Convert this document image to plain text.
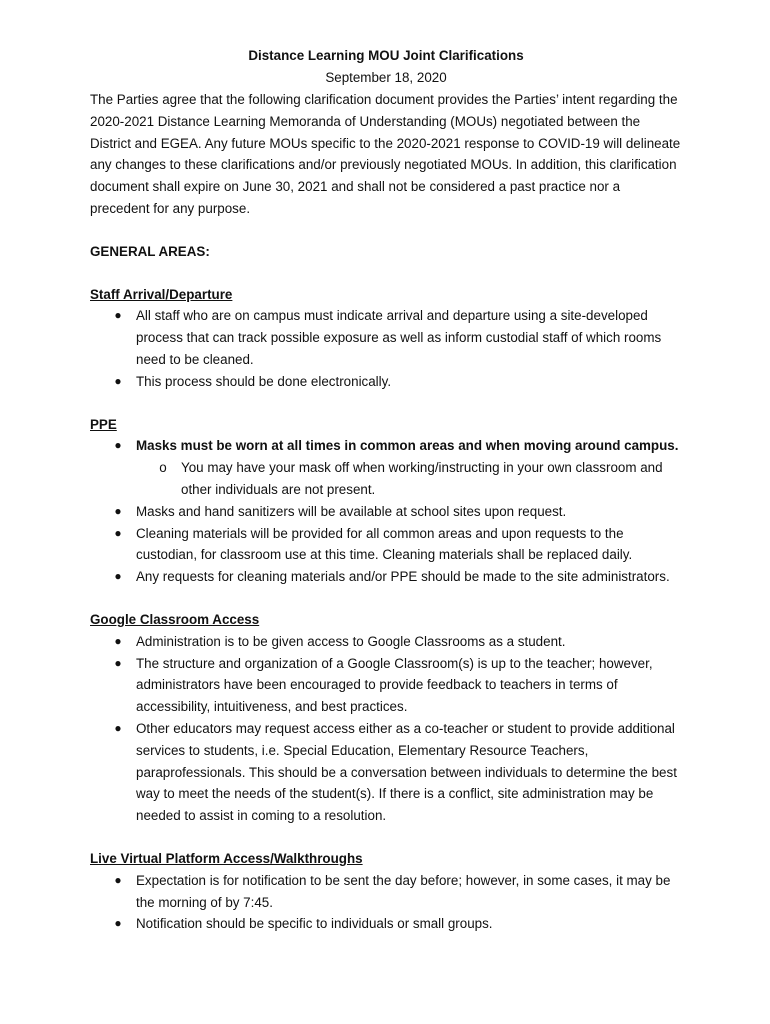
Distance Learning MOU Joint Clarifications

September 18, 2020

The Parties agree that the following clarification document provides the Parties’ intent regarding the 2020-2021 Distance Learning Memoranda of Understanding (MOUs) negotiated between the District and EGEA. Any future MOUs specific to the 2020-2021 response to COVID-19 will delineate any changes to these clarifications and/or previously negotiated MOUs. In addition, this clarification document shall expire on June 30, 2021 and shall not be considered a past practice nor a precedent for any purpose.

GENERAL AREAS:

Staff Arrival/Departure

● All staff who are on campus must indicate arrival and departure using a site-developed process that can track possible exposure as well as inform custodial staff of which rooms need to be cleaned.
● This process should be done electronically.

PPE

● Masks must be worn at all times in common areas and when moving around campus.
o You may have your mask off when working/instructing in your own classroom and other individuals are not present.
● Masks and hand sanitizers will be available at school sites upon request.
● Cleaning materials will be provided for all common areas and upon requests to the custodian, for classroom use at this time. Cleaning materials shall be replaced daily.
● Any requests for cleaning materials and/or PPE should be made to the site administrators.

Google Classroom Access

● Administration is to be given access to Google Classrooms as a student.
● The structure and organization of a Google Classroom(s) is up to the teacher; however, administrators have been encouraged to provide feedback to teachers in terms of accessibility, intuitiveness, and best practices.
● Other educators may request access either as a co-teacher or student to provide additional services to students, i.e. Special Education, Elementary Resource Teachers, paraprofessionals. This should be a conversation between individuals to determine the best way to meet the needs of the student(s). If there is a conflict, site administration may be needed to assist in coming to a resolution.

Live Virtual Platform Access/Walkthroughs

● Expectation is for notification to be sent the day before; however, in some cases, it may be the morning of by 7:45.
● Notification should be specific to individuals or small groups.
